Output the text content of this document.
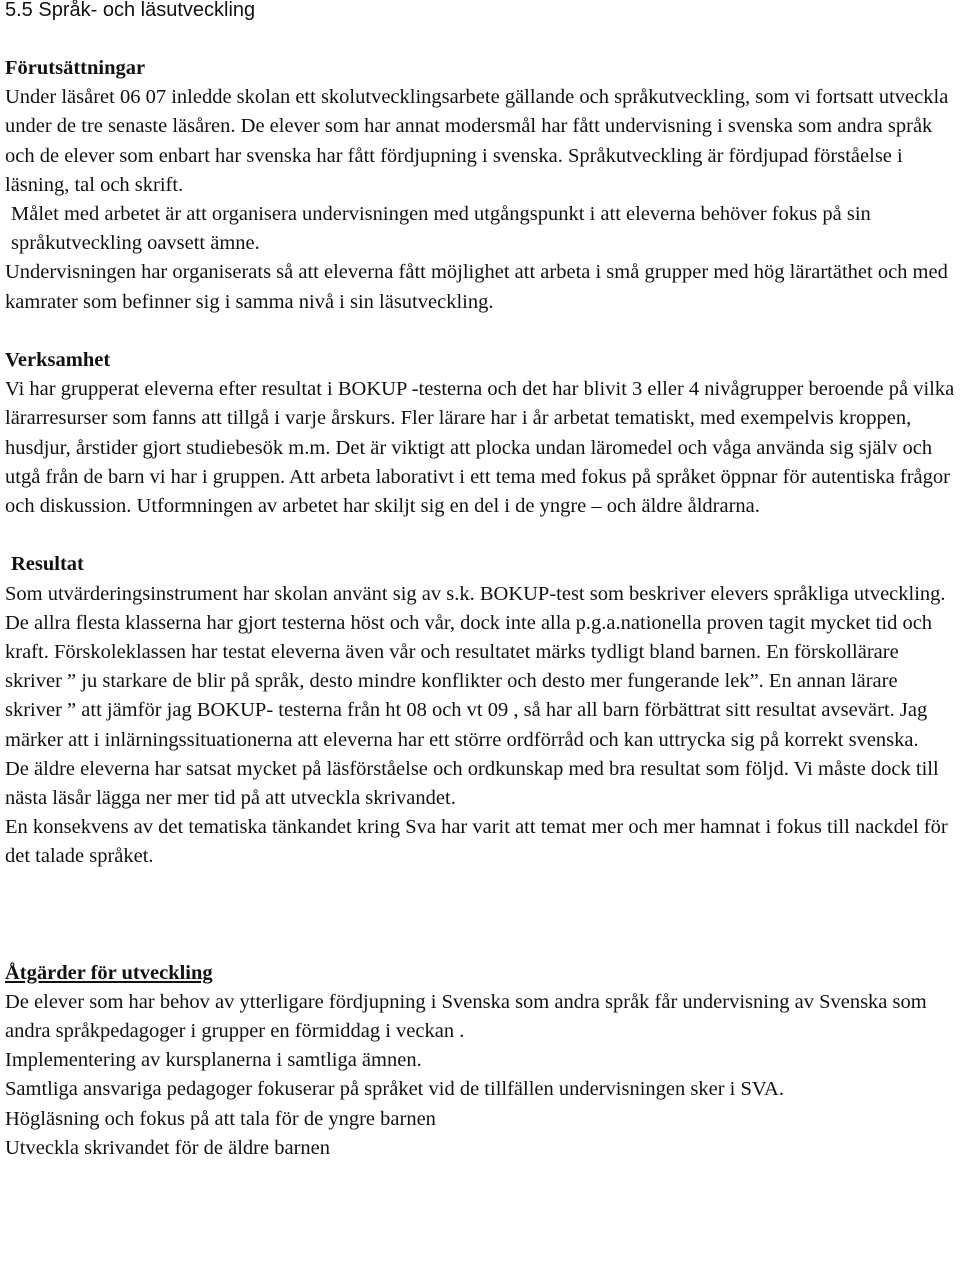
5.5 Språk- och läsutveckling
Förutsättningar

Under läsåret 06 07 inledde skolan ett skolutvecklingsarbete gällande och språkutveckling, som vi fortsatt utveckla under de tre senaste läsåren. De elever som har annat modersmål har fått undervisning i svenska som andra språk och de elever som enbart har svenska har fått fördjupning i svenska. Språkutveckling är fördjupad förståelse i läsning, tal och skrift.

Målet med arbetet är att organisera undervisningen med utgångspunkt i att eleverna behöver fokus på sin språkutveckling oavsett ämne.

Undervisningen har organiserats så att eleverna fått möjlighet att arbeta i små grupper med hög lärartäthet och med kamrater som befinner sig i samma nivå i sin läsutveckling.

Verksamhet

Vi har grupperat eleverna efter resultat i BOKUP -testerna och det har blivit 3 eller 4 nivågrupper beroende på vilka lärarresurser som fanns att tillgå i varje årskurs. Fler lärare har i år arbetat tematiskt, med exempelvis kroppen, husdjur, årstider gjort studiebesök m.m. Det är viktigt att plocka undan läromedel och våga använda sig själv och utgå från de barn vi har i gruppen. Att arbeta laborativt i ett tema med fokus på språket öppnar för autentiska frågor och diskussion. Utformningen av arbetet har skiljt sig en del i de yngre – och äldre åldrarna.

Resultat

Som utvärderingsinstrument har skolan använt sig av s.k. BOKUP-test som beskriver elevers språkliga utveckling. De allra flesta klasserna har gjort testerna höst och vår, dock inte alla p.g.a.nationella proven tagit mycket tid och kraft. Förskoleklassen har testat eleverna även vår och resultatet märks tydligt bland barnen. En förskollärare skriver ” ju starkare de blir på språk, desto mindre konflikter och desto mer fungerande lek”. En annan lärare skriver ” att jämför jag BOKUP- testerna från ht 08 och vt 09 , så har all barn förbättrat sitt resultat avsevärt. Jag märker att i inlärningssituationerna att eleverna har ett större ordförråd och kan uttrycka sig på korrekt svenska.

De äldre eleverna har satsat mycket på läsförståelse och ordkunskap med bra resultat som följd. Vi måste dock till nästa läsår lägga ner mer tid på att utveckla skrivandet.

En konsekvens av det tematiska tänkandet kring Sva har varit att temat mer och mer hamnat i fokus till nackdel för det talade språket.

Åtgärder för utveckling

De elever som har behov av ytterligare fördjupning i Svenska som andra språk får undervisning av Svenska som andra språkpedagoger i grupper en förmiddag i veckan .

Implementering av kursplanerna i samtliga ämnen.

Samtliga ansvariga pedagoger fokuserar på språket vid de tillfällen undervisningen sker i SVA.

Högläsning och fokus på att tala för de yngre barnen

Utveckla skrivandet för de äldre barnen
